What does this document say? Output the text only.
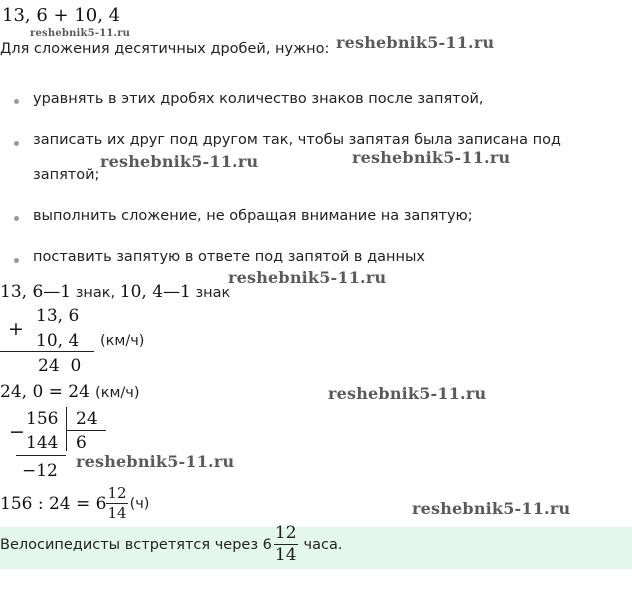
13, 6 + 10, 4
reshebnik5-11.ru
Для сложения десятичных дробей, нужно: reshebnik5-11.ru
уравнять в этих дробях количество знаков после запятой,
записать их друг под другом так, чтобы запятая была записана под
запятой;
выполнить сложение, не обращая внимание на запятую;
поставить запятую в ответе под запятой в данных
reshebnik5-11.ru	reshebnik5-11.ru
13, 6—1 знак, 10, 4—1 знак
reshebnik5-11.ru
+
13, 6
10, 4 (км/ч)
24  0
24, 0 = 24 (км/ч)	reshebnik5-11.ru
156 24
− 144 6
−12 reshebnik5-11.ru
156 : $24 = 6 \frac{12}{14} (ч)$	reshebnik5-11.ru
Велосипедисты встретятся через $6 \frac{12}{14}$ часа.
